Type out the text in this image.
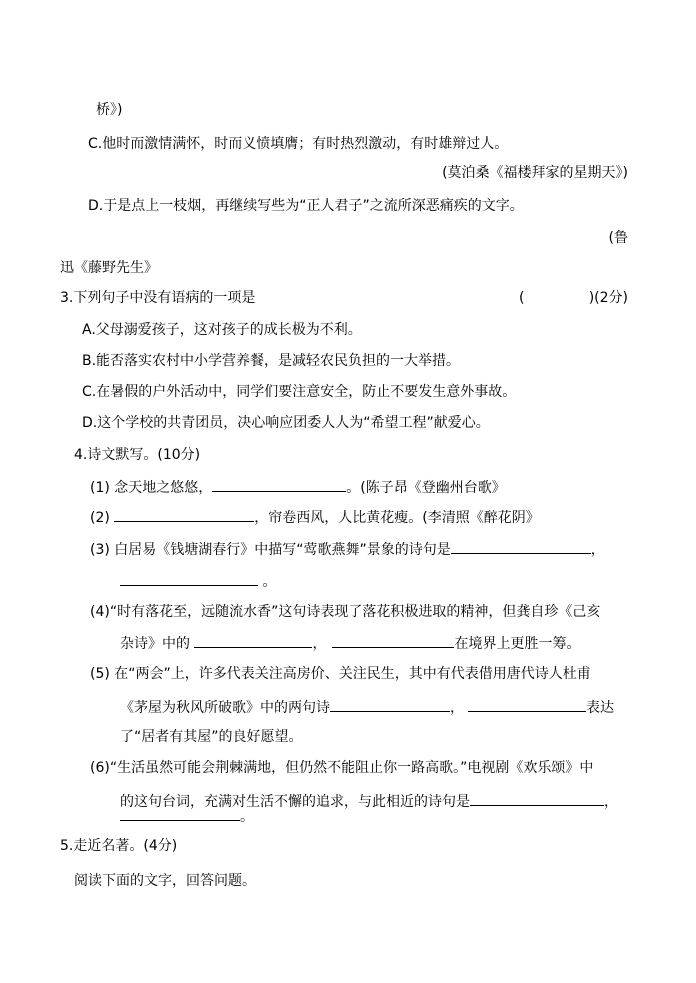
桥》)
C.他时而激情满怀，时而义愤填膺；有时热烈激动，有时雄辩过人。
(莫泊桑《福楼拜家的星期天》)
D.于是点上一枝烟，再继续写些为“正人君子”之流所深恶痛疾的文字。
(鲁
迅《藤野先生》
3.下列句子中没有语病的一项是	(	)(2分)
A.父母溺爱孩子，这对孩子的成长极为不利。
B.能否落实农村中小学营养餐，是减轻农民负担的一大举措。
C.在暑假的户外活动中，同学们要注意安全，防止不要发生意外事故。
D.这个学校的共青团员，决心响应团委人人为“希望工程”献爱心。
4.诗文默写。(10分)
(1) 念天地之悠悠，	。(陈子昂《登幽州台歌》
(2)	，帘卷西风，人比黄花瘦。(李清照《醉花阴》
(3) 白居易《钱塘湖春行》中描写“莺歌燕舞”景象的诗句是	，
。
(4)“时有落花至，远随流水香”这句诗表现了落花积极进取的精神，但龚自珍《己亥
杂诗》中的	，	在境界上更胜一筹。
(5) 在“两会”上，许多代表关注高房价、关注民生，其中有代表借用唐代诗人杜甫
《茅屋为秋风所破歌》中的两句诗	，	表达
了“居者有其屋”的良好愿望。
(6)“生活虽然可能会荆棘满地，但仍然不能阻止你一路高歌。”电视剧《欢乐颂》中
的这句台词，充满对生活不懈的追求，与此相近的诗句是	，
。
5.走近名著。(4分)
阅读下面的文字，回答问题。
